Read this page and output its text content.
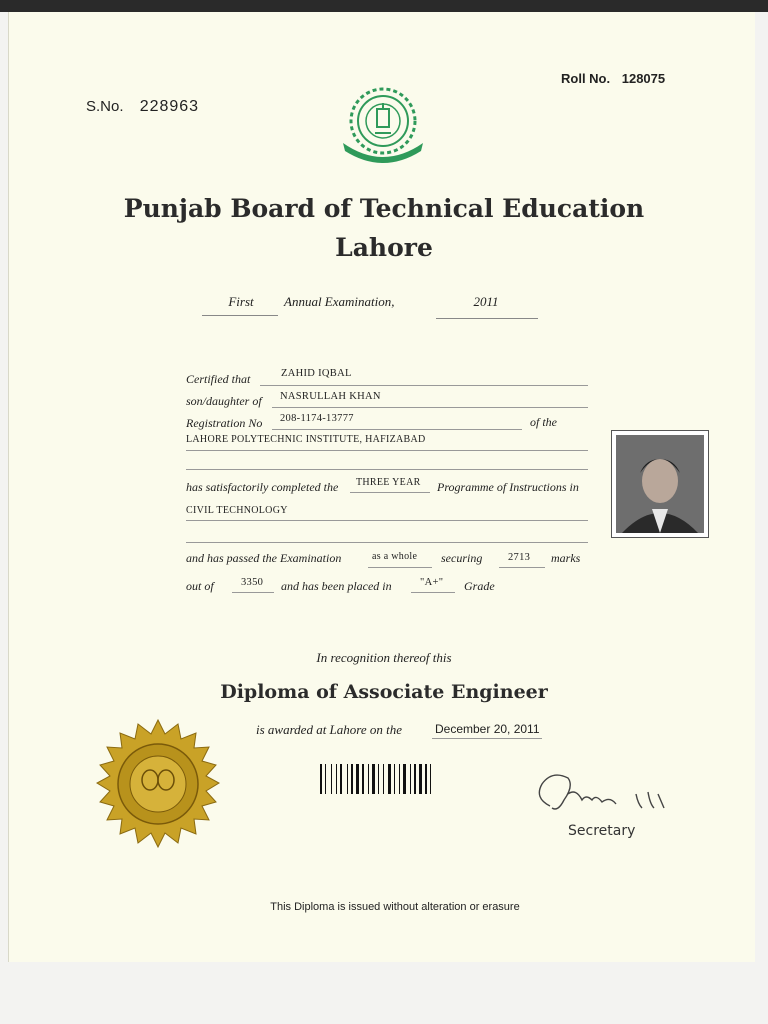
S.No. 228963
Roll No. 128075
Punjab Board of Technical Education
Lahore
First	Annual Examination,	2011
Certified that	ZAHID IQBAL
son/daughter of NASRULLAH KHAN
Registration No 208-1174-13777	of the
LAHORE POLYTECHNIC INSTITUTE, HAFIZABAD
has satisfactorily completed the THREE YEAR Programme of Instructions in
CIVIL TECHNOLOGY
and has passed the Examination	as a whole securing 2713 marks
out of	3350 and has been placed in	"A+" Grade
In recognition thereof this
Diploma of Associate Engineer
is awarded at Lahore on the	December 20, 2011
Secretary
This Diploma is issued without alteration or erasure
